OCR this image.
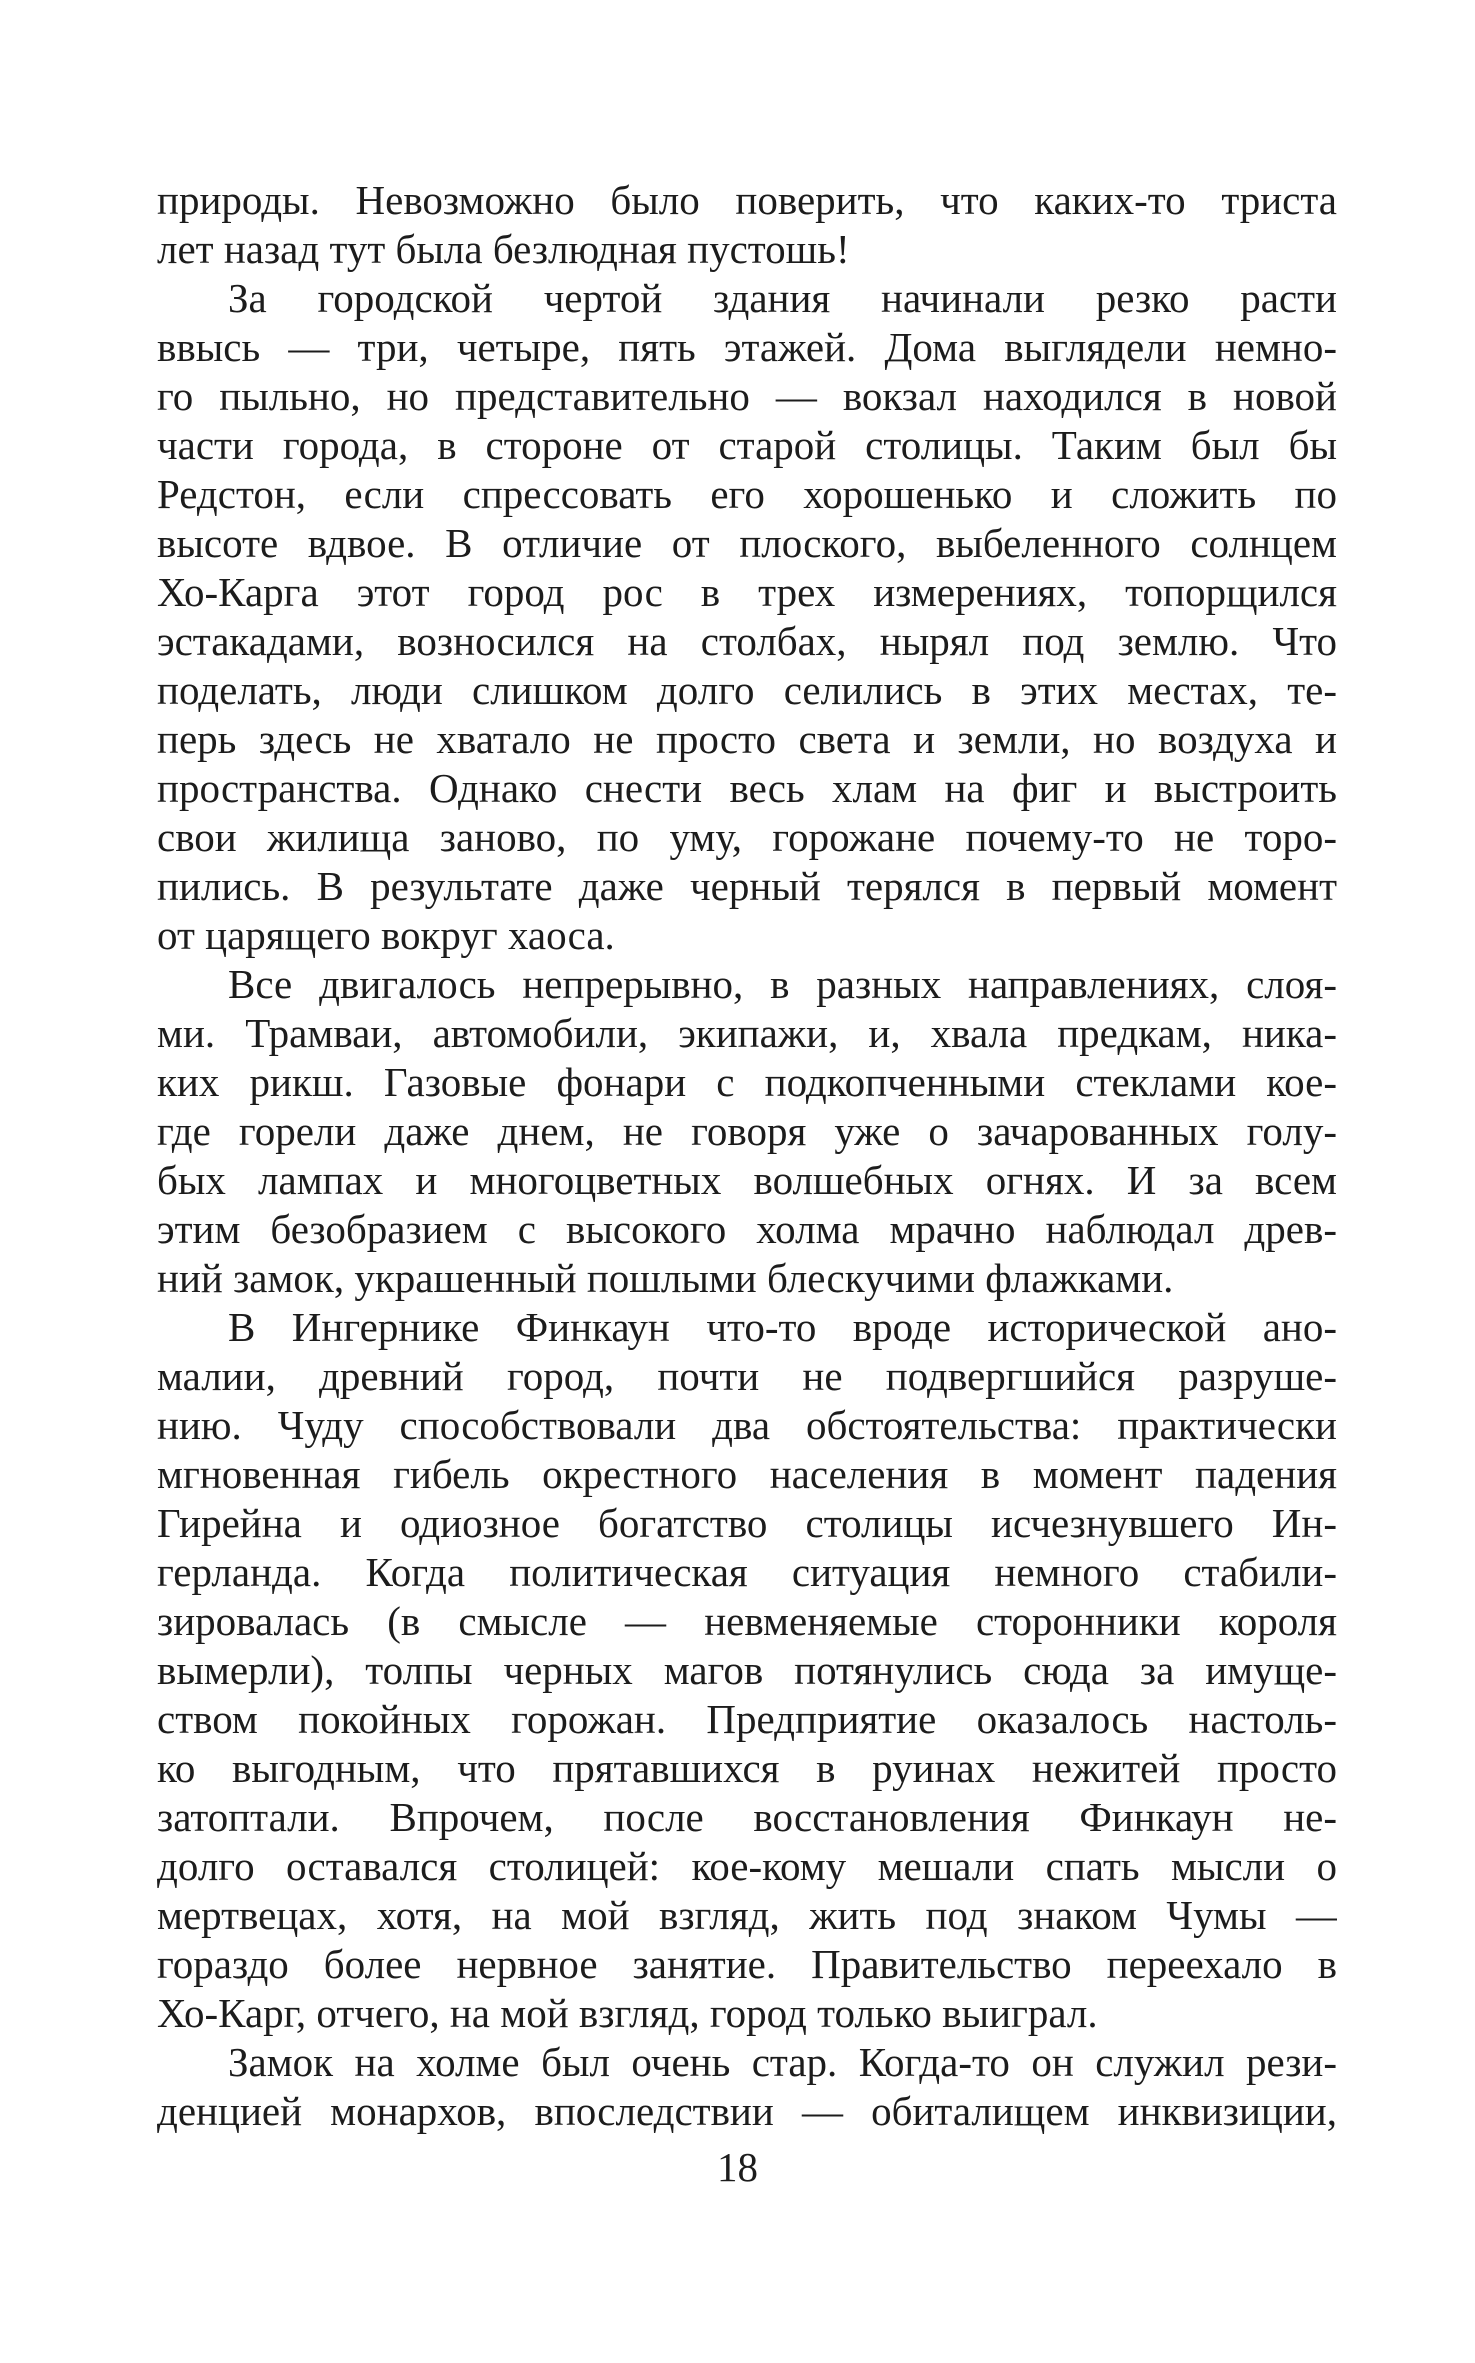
природы. Невозможно было поверить, что каких-то триста
лет назад тут была безлюдная пустошь!
За городской чертой здания начинали резко расти
ввысь — три, четыре, пять этажей. Дома выглядели немно-
го пыльно, но представительно — вокзал находился в новой
части города, в стороне от старой столицы. Таким был бы
Редстон, если спрессовать его хорошенько и сложить по
высоте вдвое. В отличие от плоского, выбеленного солнцем
Хо-Карга этот город рос в трех измерениях, топорщился
эстакадами, возносился на столбах, нырял под землю. Что
поделать, люди слишком долго селились в этих местах, те-
перь здесь не хватало не просто света и земли, но воздуха и
пространства. Однако снести весь хлам на фиг и выстроить
свои жилища заново, по уму, горожане почему-то не торо-
пились. В результате даже черный терялся в первый момент
от царящего вокруг хаоса.
Все двигалось непрерывно, в разных направлениях, слоя-
ми. Трамваи, автомобили, экипажи, и, хвала предкам, ника-
ких рикш. Газовые фонари с подкопченными стеклами кое-
где горели даже днем, не говоря уже о зачарованных голу-
бых лампах и многоцветных волшебных огнях. И за всем
этим безобразием с высокого холма мрачно наблюдал древ-
ний замок, украшенный пошлыми блескучими флажками.
В Ингернике Финкаун что-то вроде исторической ано-
малии, древний город, почти не подвергшийся разруше-
нию. Чуду способствовали два обстоятельства: практически
мгновенная гибель окрестного населения в момент падения
Гирейна и одиозное богатство столицы исчезнувшего Ин-
герланда. Когда политическая ситуация немного стабили-
зировалась (в смысле — невменяемые сторонники короля
вымерли), толпы черных магов потянулись сюда за имуще-
ством покойных горожан. Предприятие оказалось настоль-
ко выгодным, что прятавшихся в руинах нежитей просто
затоптали. Впрочем, после восстановления Финкаун не-
долго оставался столицей: кое-кому мешали спать мысли о
мертвецах, хотя, на мой взгляд, жить под знаком Чумы —
гораздо более нервное занятие. Правительство переехало в
Хо-Карг, отчего, на мой взгляд, город только выиграл.
Замок на холме был очень стар. Когда-то он служил рези-
денцией монархов, впоследствии — обиталищем инквизиции,
18
